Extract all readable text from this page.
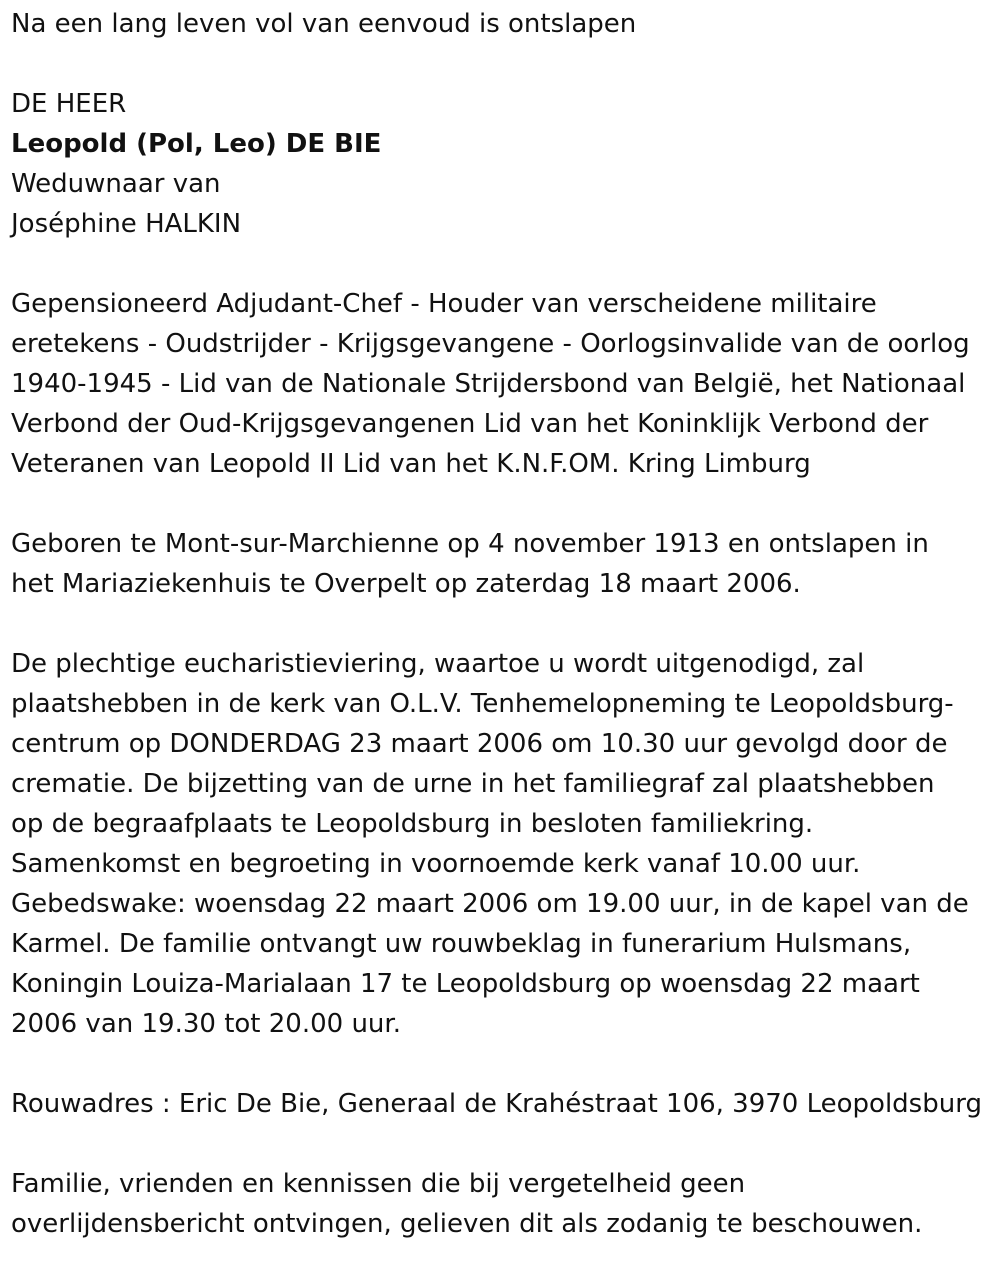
Na een lang leven vol van eenvoud is ontslapen
DE HEER
Leopold (Pol, Leo) DE BIE
Weduwnaar van
Joséphine HALKIN
Gepensioneerd Adjudant-Chef - Houder van verscheidene militaire
eretekens - Oudstrijder - Krijgsgevangene - Oorlogsinvalide van de oorlog
1940-1945 - Lid van de Nationale Strijdersbond van België, het Nationaal
Verbond der Oud-Krijgsgevangenen Lid van het Koninklijk Verbond der
Veteranen van Leopold II Lid van het K.N.F.OM. Kring Limburg
Geboren te Mont-sur-Marchienne op 4 november 1913 en ontslapen in
het Mariaziekenhuis te Overpelt op zaterdag 18 maart 2006.
De plechtige eucharistieviering, waartoe u wordt uitgenodigd, zal
plaatshebben in de kerk van O.L.V. Tenhemelopneming te Leopoldsburg-
centrum op DONDERDAG 23 maart 2006 om 10.30 uur gevolgd door de
crematie. De bijzetting van de urne in het familiegraf zal plaatshebben
op de begraafplaats te Leopoldsburg in besloten familiekring.
Samenkomst en begroeting in voornoemde kerk vanaf 10.00 uur.
Gebedswake: woensdag 22 maart 2006 om 19.00 uur, in de kapel van de
Karmel. De familie ontvangt uw rouwbeklag in funerarium Hulsmans,
Koningin Louiza-Marialaan 17 te Leopoldsburg op woensdag 22 maart
2006 van 19.30 tot 20.00 uur.
Rouwadres : Eric De Bie, Generaal de Krahéstraat 106, 3970 Leopoldsburg
Familie, vrienden en kennissen die bij vergetelheid geen
overlijdensbericht ontvingen, gelieven dit als zodanig te beschouwen.
